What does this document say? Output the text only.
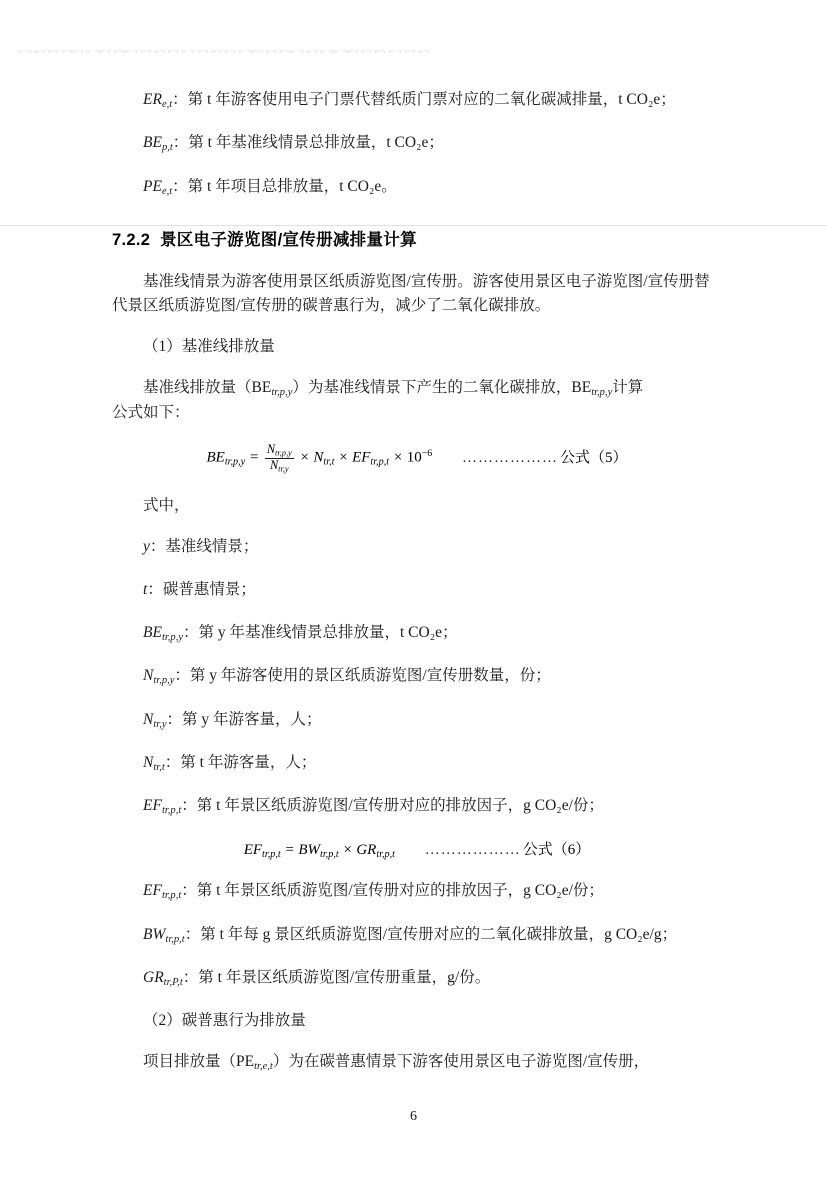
⌐ ¬ ⌐¬ ⌐¬ ⌐¬⌐¬ ⌐ ¬⌐¬ ⌐¬⌐ ¬ ⌐¬ ⌐¬ ⌐¬ ⌐ ¬ ⌐¬ ⌐¬ ⌐¬ ⌐ ¬⌐¬ ⌐¬ ⌐¬⌐ ¬ ⌐¬ ⌐ ¬⌐ ¬⌐¬ ⌐¬ ⌐¬ ⌐ ¬ ⌐¬ ⌐¬

$ER_{e,t}$：第 t 年游客使用电子门票代替纸质门票对应的二氧化碳减排量，t CO₂e；

$BE_{p,t}$：第 t 年基准线情景总排放量，t CO₂e；

$PE_{e,t}$：第 t 年项目总排放量，t CO₂e。

7.2.2 景区电子游览图/宣传册减排量计算

基准线情景为游客使用景区纸质游览图/宣传册。游客使用景区电子游览图/宣传册替代景区纸质游览图/宣传册的碳普惠行为，减少了二氧化碳排放。

（1）基准线排放量

基准线排放量$(BE_{tr,p,y})$为基准线情景下产生的二氧化碳排放，$BE_{tr,p,y}$计算
公式如下：

$BE_{tr,p,y} = \frac{N_{tr,p,y}}{N_{tr,y}} \times N_{tr,t} \times EF_{tr,p,t} \times 10^{-6}$ ……………… 公式（5）

式中，

y：基准线情景；

t：碳普惠情景；

$BE_{tr,p,y}$：第 y 年基准线情景总排放量，t CO₂e；

$N_{tr,p,y}$：第 y 年游客使用的景区纸质游览图/宣传册数量，份；

$N_{tr,y}$：第 y 年游客量，人；

$N_{tr,t}$：第 t 年游客量，人；

$EF_{tr,p,t}$：第 t 年景区纸质游览图/宣传册对应的排放因子，g CO₂e/份；

$EF_{tr,p,t} = BW_{tr,p,t} \times GR_{tr,p,t}$ ……………… 公式（6）

$EF_{tr,p,t}$：第 t 年景区纸质游览图/宣传册对应的排放因子，g CO₂e/份；

$BW_{tr,p,t}$：第 t 年每 g 景区纸质游览图/宣传册对应的二氧化碳排放量，g CO₂e/g；

$GR_{tr,P,t}$：第 t 年景区纸质游览图/宣传册重量，g/份。

（2）碳普惠行为排放量

项目排放量$(PE_{tr,e,t})$为在碳普惠情景下游客使用景区电子游览图/宣传册，

6
